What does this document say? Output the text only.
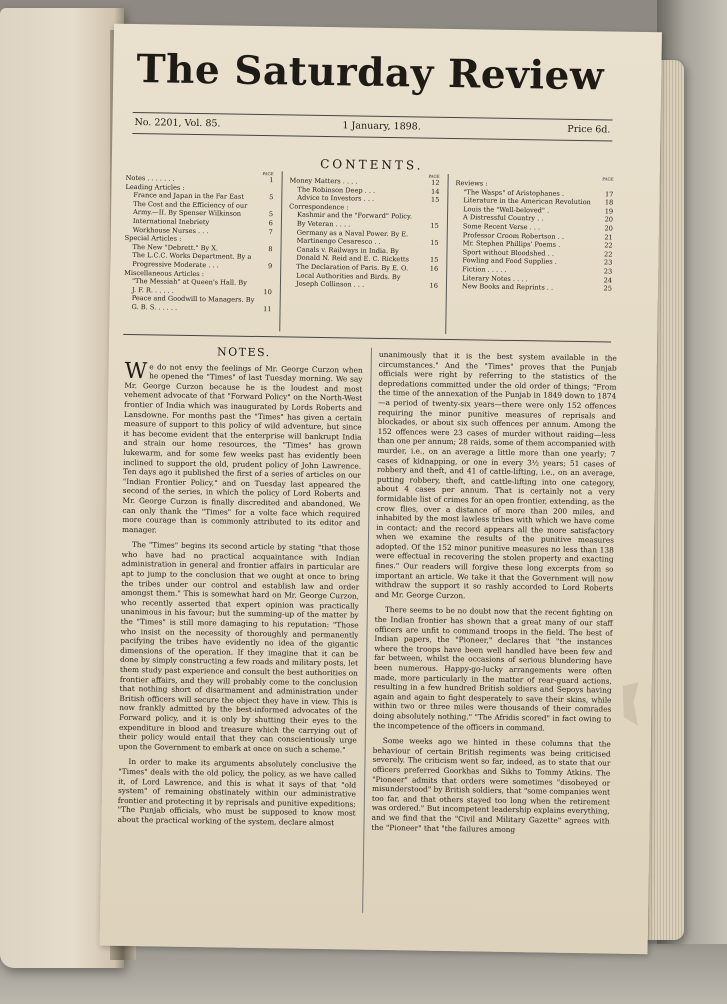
The Saturday Review
No. 2201, Vol. 85.	1 January, 1898.	Price 6d.
CONTENTS.
PAGE
Notes . . . . . . .	1
Leading Articles :
France and Japan in the Far East	5
The Cost and the Efficiency of our
Army.—II. By Spenser Wilkinson	5
International Inebriety	6
Workhouse Nurses . . .	7
Special Articles :
The New "Debrett." By X.	8
The L.C.C. Works Department. By a
Progressive Moderate . . .	9
Miscellaneous Articles :
"The Messiah" at Queen's Hall. By
J. F. R. . . . . .	10
Peace and Goodwill to Managers. By
G. B. S. . . . . .	11
PAGE
Money Matters . . . .	12
The Robinson Deep . . .	14
Advice to Investors . . .	15
Correspondence :
Kashmir and the "Forward" Policy.
By Veteran . . . .	15
Germany as a Naval Power. By E.
Martinengo Cesaresco . .	15
Canals v. Railways in India. By
Donald N. Reid and E. C. Ricketts	15
The Declaration of Paris. By E. O.	16
Local Authorities and Birds. By
Joseph Collinson . . .	16
PAGE
Reviews :
"The Wasps" of Aristophanes .	17
Literature in the American Revolution 18
Louis the "Well-beloved" .	19
A Distressful Country . .	20
Some Recent Verse . . .	20
Professor Croom Robertson . .	21
Mr. Stephen Phillips' Poems .	22
Sport without Bloodshed . .	22
Fowling and Food Supplies .	23
Fiction . . . . .	23
Literary Notes . . . .	24
New Books and Reprints . .	25
NOTES.

We do not envy the feelings of Mr. George Curzon when he opened the "Times" of last Tuesday morning. We say Mr. George Curzon because he is the loudest and most vehement advocate of that "Forward Policy" on the North-West frontier of India which was inaugurated by Lords Roberts and Lansdowne. For months past the "Times" has given a certain measure of support to this policy of wild adventure, but since it has become evident that the enterprise will bankrupt India and strain our home resources, the "Times" has grown lukewarm, and for some few weeks past has evidently been inclined to support the old, prudent policy of John Lawrence. Ten days ago it published the first of a series of articles on our "Indian Frontier Policy," and on Tuesday last appeared the second of the series, in which the policy of Lord Roberts and Mr. George Curzon is finally discredited and abandoned. We can only thank the "Times" for a volte face which required more courage than is commonly attributed to its editor and manager.

The "Times" begins its second article by stating "that those who have had no practical acquaintance with Indian administration in general and frontier affairs in particular are apt to jump to the conclusion that we ought at once to bring the tribes under our control and establish law and order amongst them." This is somewhat hard on Mr. George Curzon, who recently asserted that expert opinion was practically unanimous in his favour; but the summing-up of the matter by the "Times" is still more damaging to his reputation: "Those who insist on the necessity of thoroughly and permanently pacifying the tribes have evidently no idea of the gigantic dimensions of the operation. If they imagine that it can be done by simply constructing a few roads and military posts, let them study past experience and consult the best authorities on frontier affairs, and they will probably come to the conclusion that nothing short of disarmament and administration under British officers will secure the object they have in view. This is now frankly admitted by the best-informed advocates of the Forward policy, and it is only by shutting their eyes to the expenditure in blood and treasure which the carrying out of their policy would entail that they can conscientiously urge upon the Government to embark at once on such a scheme."

In order to make its arguments absolutely conclusive the "Times" deals with the old policy, the policy, as we have called it, of Lord Lawrence, and this is what it says of that "old system" of remaining obstinately within our administrative frontier and protecting it by reprisals and punitive expeditions; "The Punjab officials, who must be supposed to know most about the practical working of the system, declare almost

unanimously that it is the best system available in the circumstances." And the "Times" proves that the Punjab officials were right by referring to the statistics of the depredations committed under the old order of things; "From the time of the annexation of the Punjab in 1849 down to 1874—a period of twenty-six years—there were only 152 offences requiring the minor punitive measures of reprisals and blockades, or about six such offences per annum. Among the 152 offences were 23 cases of murder without raiding—less than one per annum; 28 raids, some of them accompanied with murder, i.e., on an average a little more than one yearly; 7 cases of kidnapping, or one in every 3½ years; 51 cases of robbery and theft, and 41 of cattle-lifting, i.e., on an average, putting robbery, theft, and cattle-lifting into one category, about 4 cases per annum. That is certainly not a very formidable list of crimes for an open frontier, extending, as the crow flies, over a distance of more than 200 miles, and inhabited by the most lawless tribes with which we have come in contact; and the record appears all the more satisfactory when we examine the results of the punitive measures adopted. Of the 152 minor punitive measures no less than 138 were effectual in recovering the stolen property and exacting fines." Our readers will forgive these long excerpts from so important an article. We take it that the Government will now withdraw the support it so rashly accorded to Lord Roberts and Mr. George Curzon.

There seems to be no doubt now that the recent fighting on the Indian frontier has shown that a great many of our staff officers are unfit to command troops in the field. The best of Indian papers, the "Pioneer," declares that "the instances where the troops have been well handled have been few and far between, whilst the occasions of serious blundering have been numerous. Happy-go-lucky arrangements were often made, more particularly in the matter of rear-guard actions, resulting in a few hundred British soldiers and Sepoys having again and again to fight desperately to save their skins, while within two or three miles were thousands of their comrades doing absolutely nothing." "The Afridis scored" in fact owing to the incompetence of the officers in command.

Some weeks ago we hinted in these columns that the behaviour of certain British regiments was being criticised severely. The criticism went so far, indeed, as to state that our officers preferred Goorkhas and Sikhs to Tommy Atkins. The "Pioneer" admits that orders were sometimes "disobeyed or misunderstood" by British soldiers, that "some companies went too far, and that others stayed too long when the retirement was ordered." But incompetent leadership explains everything, and we find that the "Civil and Military Gazette" agrees with the "Pioneer" that "the failures among
